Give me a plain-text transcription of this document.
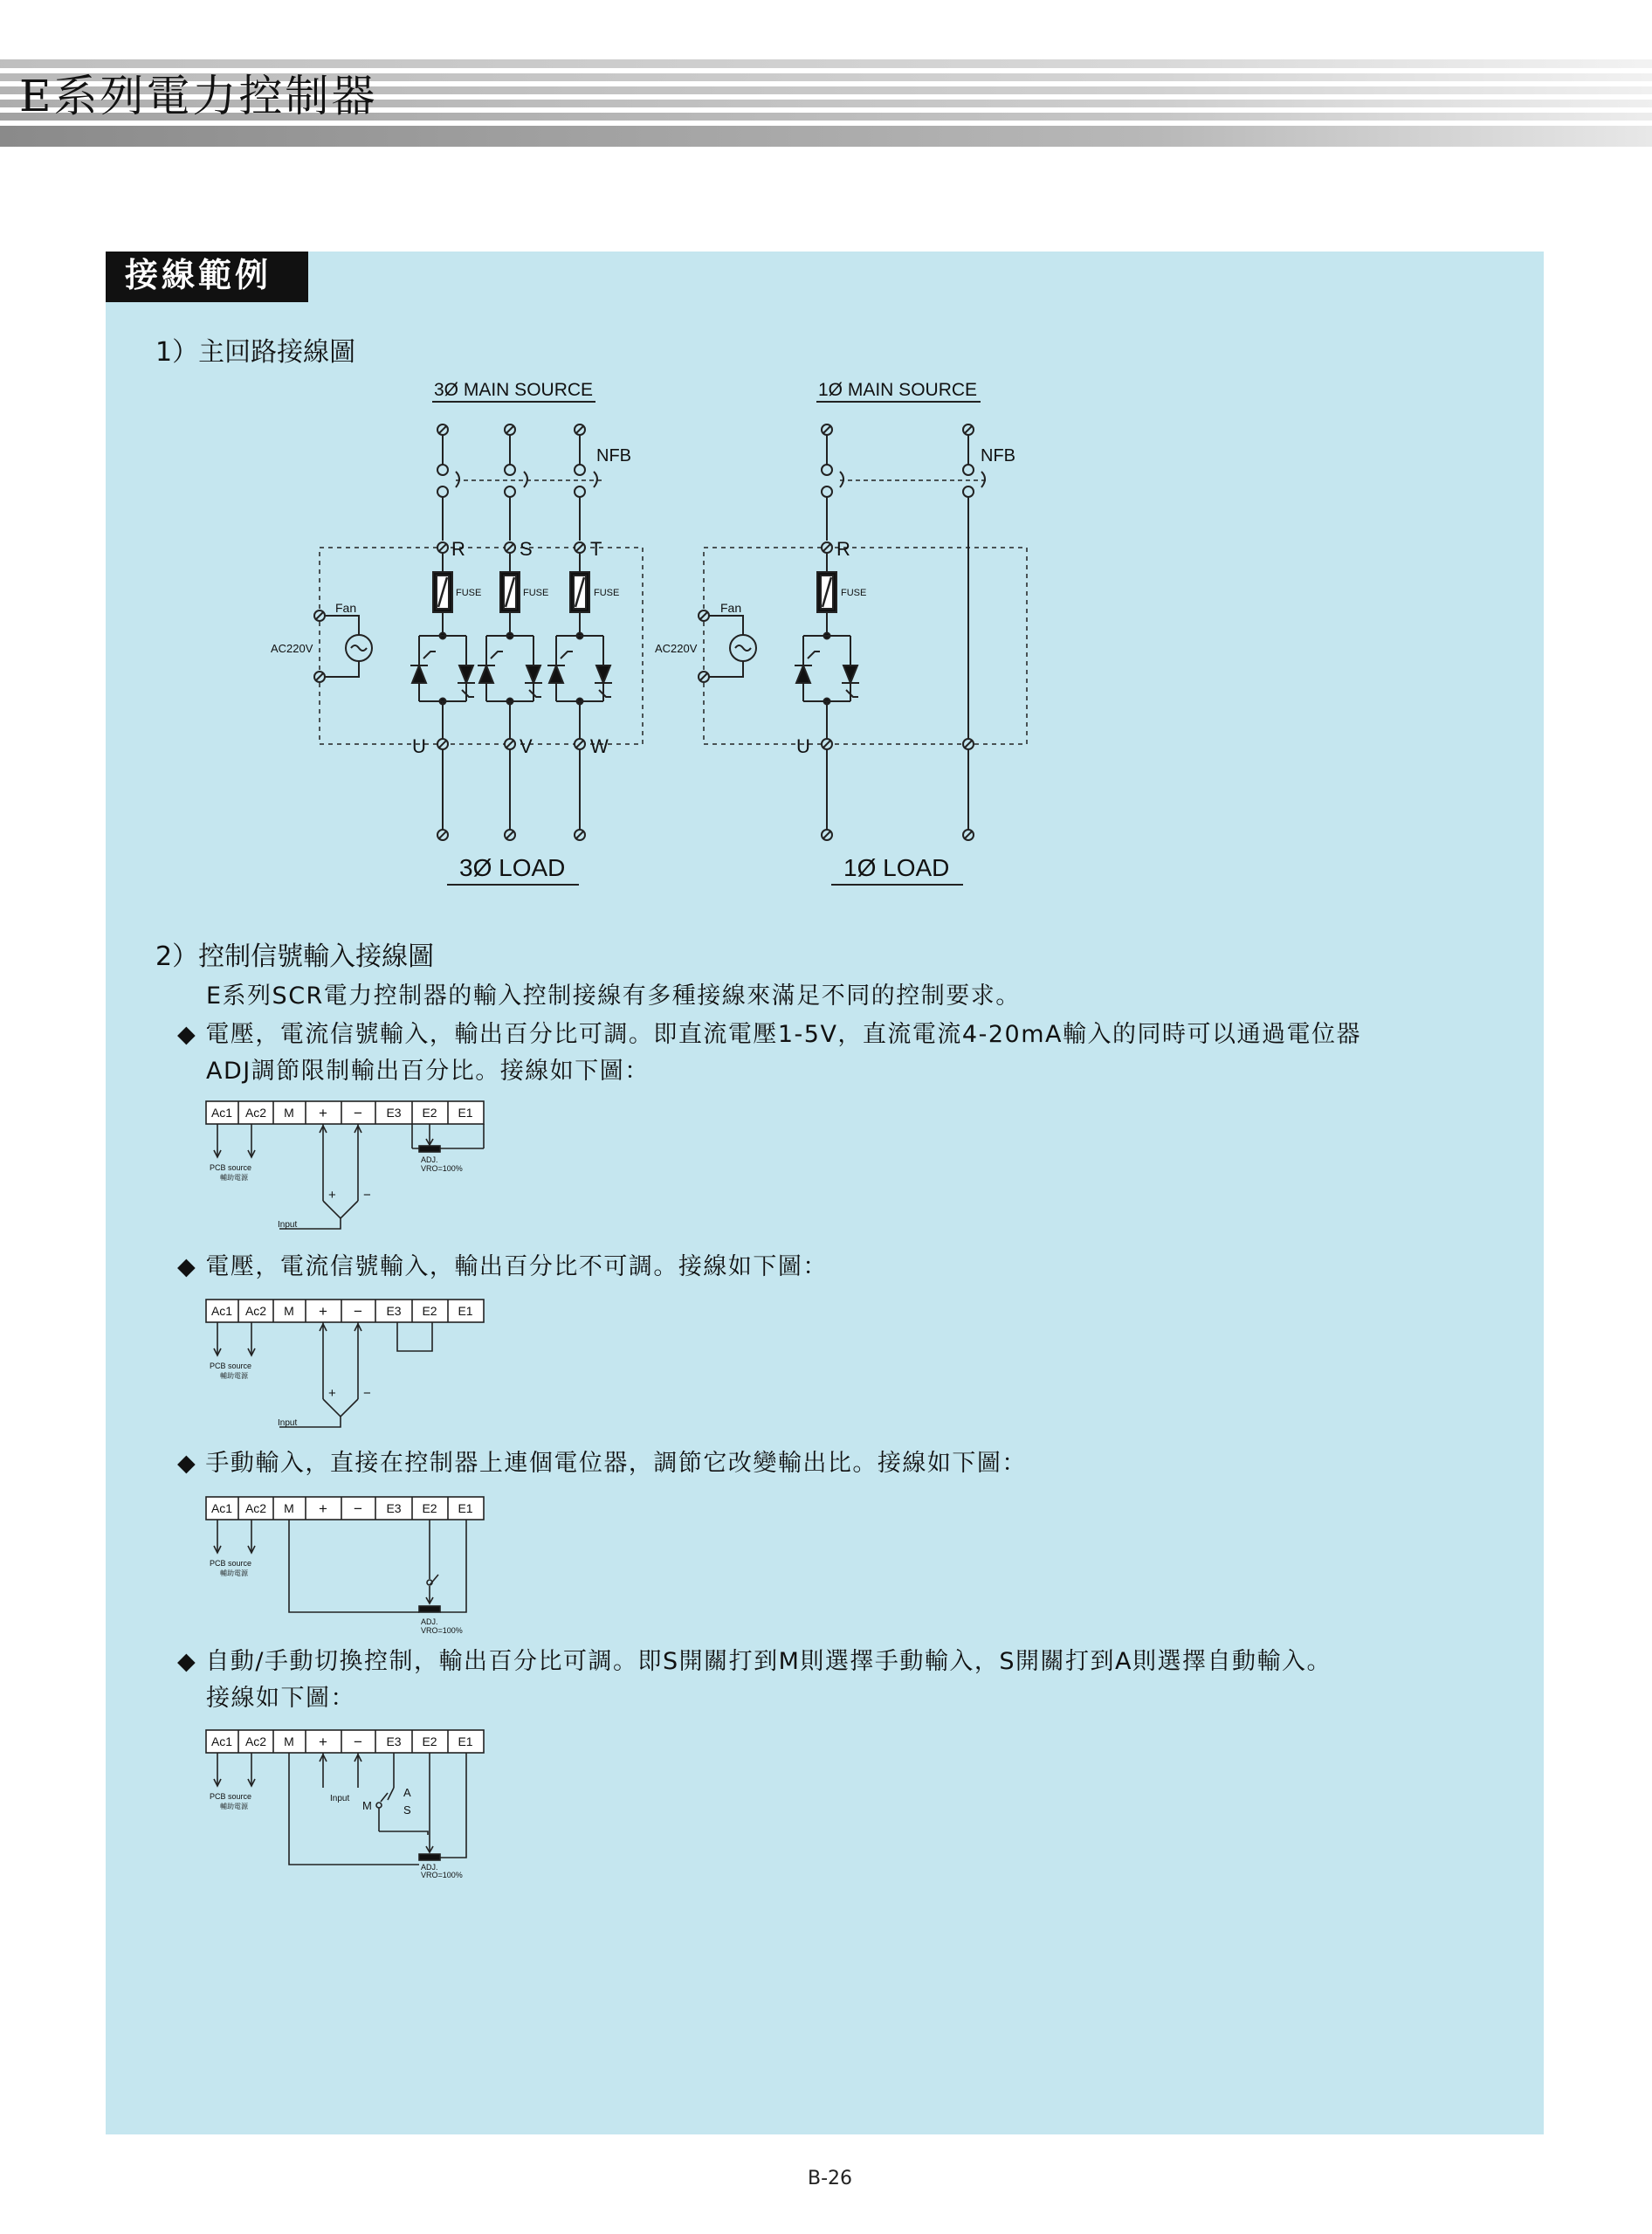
E系列電力控制器
接線範例
1）主回路接線圖
3Ø MAIN SOURCE
NFB
R	S	T
FUSE	FUSE	FUSE
Fan
AC220V
U	V	W
3Ø LOAD
1Ø MAIN SOURCE
NFB
R
FUSE
Fan
AC220V
U
1Ø LOAD
2）控制信號輸入接線圖
E系列SCR電力控制器的輸入控制接線有多種接線來滿足不同的控制要求。
◆ 電壓，電流信號輸入，輸出百分比可調。即直流電壓1-5V，直流電流4-20mA輸入的同時可以通過電位器
ADJ調節限制輸出百分比。接線如下圖：
◆ 電壓，電流信號輸入，輸出百分比不可調。接線如下圖：
◆ 手動輸入，直接在控制器上連個電位器，調節它改變輸出比。接線如下圖：
◆ 自動/手動切換控制，輸出百分比可調。即S開關打到M則選擇手動輸入，S開關打到A則選擇自動輸入。
接線如下圖：
Ac1 Ac2 M + − E3 E2 E1
PCB source
輔助電源
+ −
Input
ADJ.
VRO=100%
Ac1 Ac2 M + − E3 E2 E1
PCB source
輔助電源
+ −
Input
Ac1 Ac2 M + − E3 E2 E1
PCB source
輔助電源
ADJ.
VRO=100%
Ac1 Ac2 M + − E3 E2 E1
PCB source
輔助電源
Input	A
S
M
ADJ.
VRO=100%
B-26
